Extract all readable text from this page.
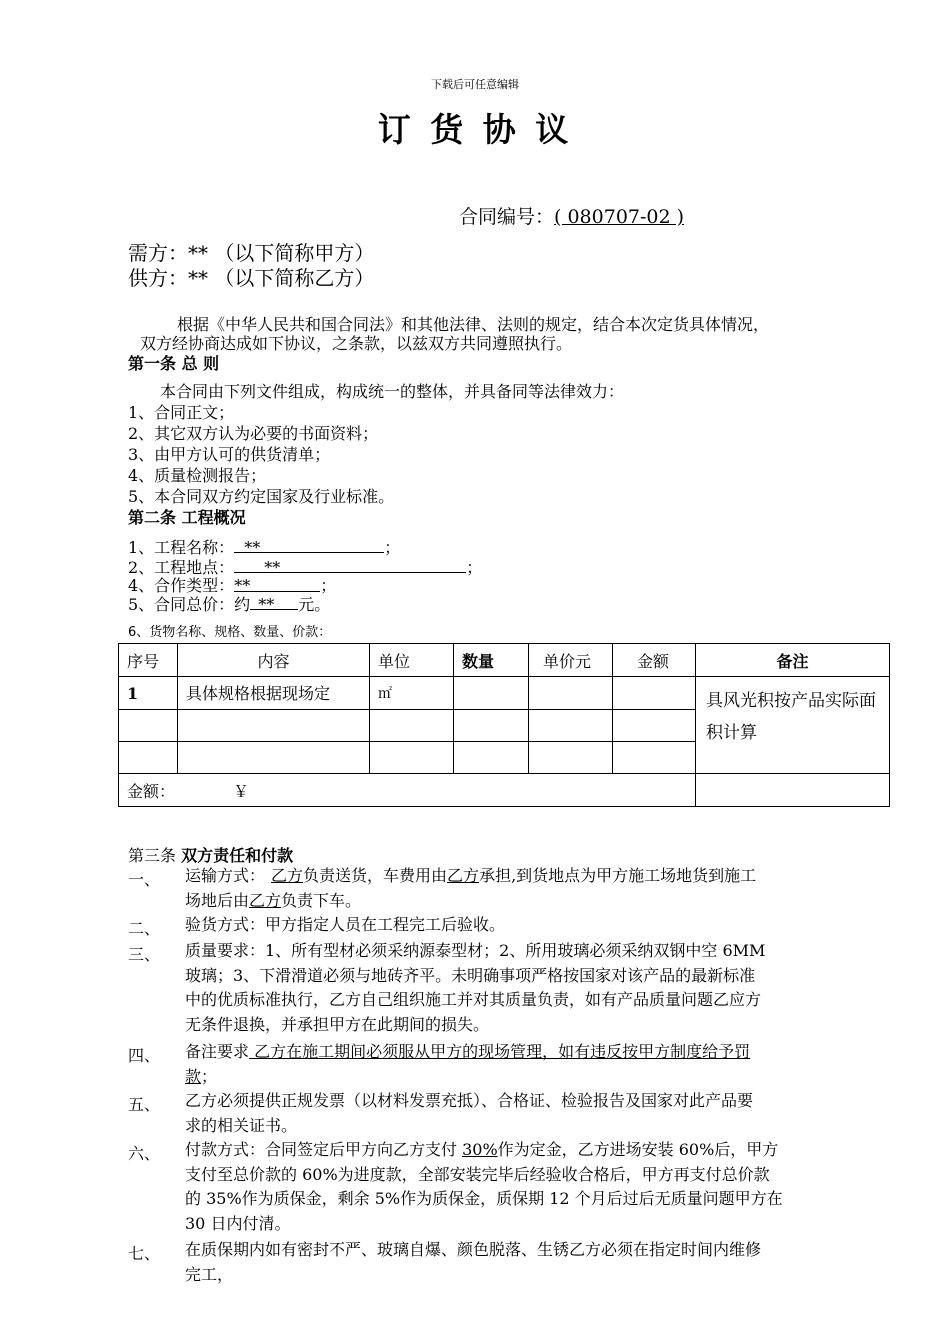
下载后可任意编辑
订 货 协 议
合同编号：( 080707-02 )
需方：** （以下简称甲方）
供方：** （以下简称乙方）
根据《中华人民共和国合同法》和其他法律、法则的规定，结合本次定货具体情况，
双方经协商达成如下协议，之条款，以兹双方共同遵照执行。
第一条 总 则
本合同由下列文件组成，构成统一的整体，并具备同等法律效力：
1、合同正文；
2、其它双方认为必要的书面资料；
3、由甲方认可的供货清单；
4、质量检测报告；
5、本合同双方约定国家及行业标准。
第二条 工程概况
1、工程名称： **	；
2、工程地点： **	；
4、合作类型：**	；
5、合同总价：约 ** 元。
6、货物名称、规格、数量、价款：
序号	内容	单位	数量	单价元	金额	备注
1	具体规格根据现场定	㎡				具风光积按产品实际面积计算

金额： ￥						
第三条 双方责任和付款
一、 运输方式： 乙方负责送货，车费用由乙方承担,到货地点为甲方施工场地货到施工
场地后由乙方负责下车。
二、 验货方式：甲方指定人员在工程完工后验收。
三、 质量要求：1、所有型材必须采纳源泰型材；2、所用玻璃必须采纳双钢中空 6MM
玻璃；3、下滑滑道必须与地砖齐平。未明确事项严格按国家对该产品的最新标准
中的优质标准执行，乙方自己组织施工并对其质量负责，如有产品质量问题乙应方
无条件退换，并承担甲方在此期间的损失。
四、 备注要求 乙方在施工期间必须服从甲方的现场管理，如有违反按甲方制度给予罚
款；
五、 乙方必须提供正规发票（以材料发票充抵）、合格证、检验报告及国家对此产品要
求的相关证书。
六、 付款方式：合同签定后甲方向乙方支付 30%作为定金，乙方进场安装 60%后，甲方
支付至总价款的 60%为进度款，全部安装完毕后经验收合格后，甲方再支付总价款
的 35%作为质保金，剩余 5%作为质保金，质保期 12 个月后过后无质量问题甲方在
30 日内付清。
七、 在质保期内如有密封不严、玻璃自爆、颜色脱落、生锈乙方必须在指定时间内维修
完工，
